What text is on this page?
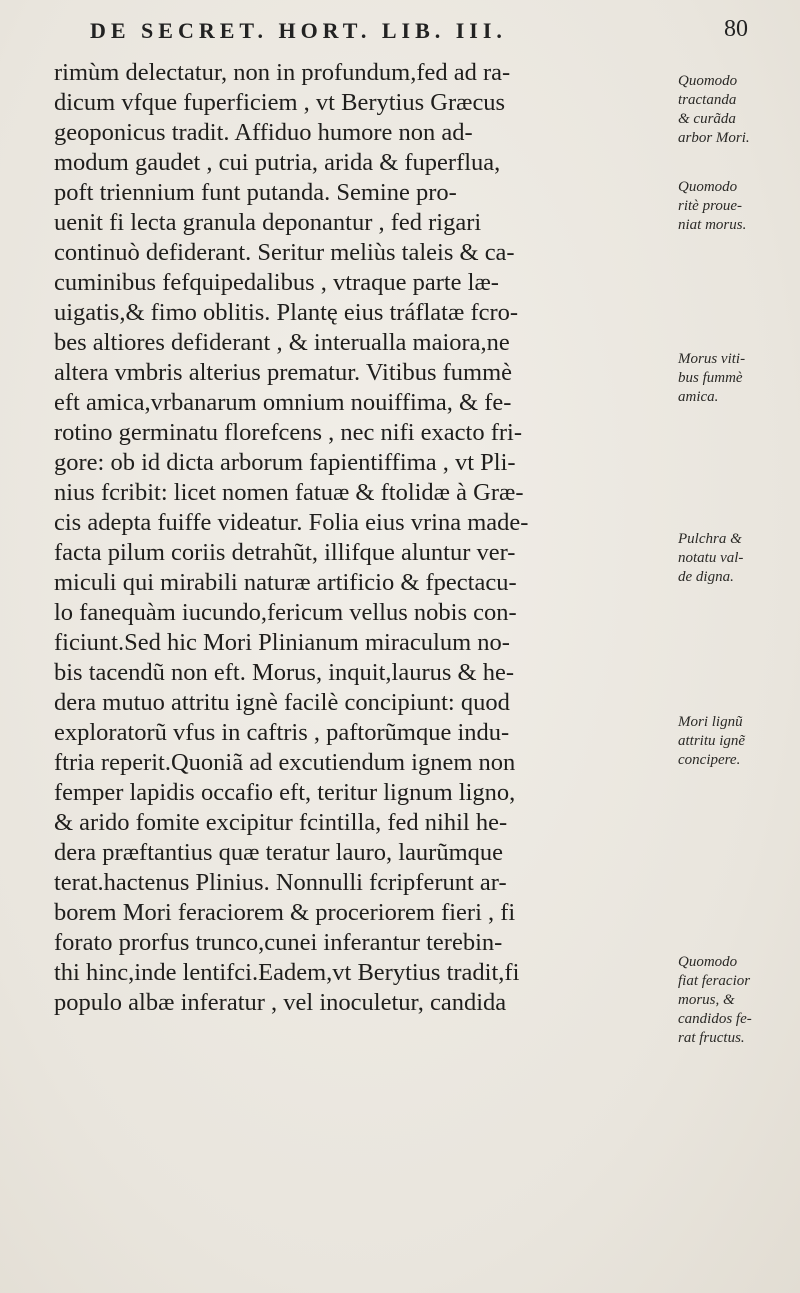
DE SECRET. HORT. LIB. III.	80
rimùm delectatur, non in profundum,fed ad ra-
dicum vfque fuperficiem , vt Berytius Græcus
geoponicus tradit. Affiduo humore non ad-
modum gaudet , cui putria, arida & fuperflua,
poft triennium funt putanda. Semine pro-
uenit fi lecta granula deponantur , fed rigari
continuò defiderant. Seritur meliùs taleis & ca-
cuminibus fefquipedalibus , vtraque parte læ-
uigatis,& fimo oblitis. Plantę eius tráflatæ fcro-
bes altiores defiderant , & interualla maiora,ne
altera vmbris alterius prematur. Vitibus fummè
eft amica,vrbanarum omnium nouiffima, & fe-
rotino germinatu florefcens , nec nifi exacto fri-
gore: ob id dicta arborum fapientiffima , vt Pli-
nius fcribit: licet nomen fatuæ & ftolidæ à Græ-
cis adepta fuiffe videatur. Folia eius vrina made-
facta pilum coriis detrahũt, illifque aluntur ver-
miculi qui mirabili naturæ artificio & fpectacu-
lo fanequàm iucundo,fericum vellus nobis con-
ficiunt.Sed hic Mori Plinianum miraculum no-
bis tacendũ non eft. Morus, inquit,laurus & he-
dera mutuo attritu ignè facilè concipiunt: quod
exploratorũ vfus in caftris , paftorũmque indu-
ftria reperit.Quoniã ad excutiendum ignem non
femper lapidis occafio eft, teritur lignum ligno,
& arido fomite excipitur fcintilla, fed nihil he-
dera præftantius quæ teratur lauro, laurũmque
terat.hactenus Plinius. Nonnulli fcripferunt ar-
borem Mori feraciorem & proceriorem fieri , fi
forato prorfus trunco,cunei inferantur terebin-
thi hinc,inde lentifci.Eadem,vt Berytius tradit,fi
populo albæ inferatur , vel inoculetur, candida
Quomodo
tractanda
& curãda
arbor Mori.
Quomodo
ritè proue-
niat morus.
Morus viti-
bus fummè
amica.
Pulchra &
notatu val-
de digna.
Mori lignũ
attritu ignẽ
concipere.
Quomodo
fiat feracior
morus, &
candidos fe-
rat fructus.
